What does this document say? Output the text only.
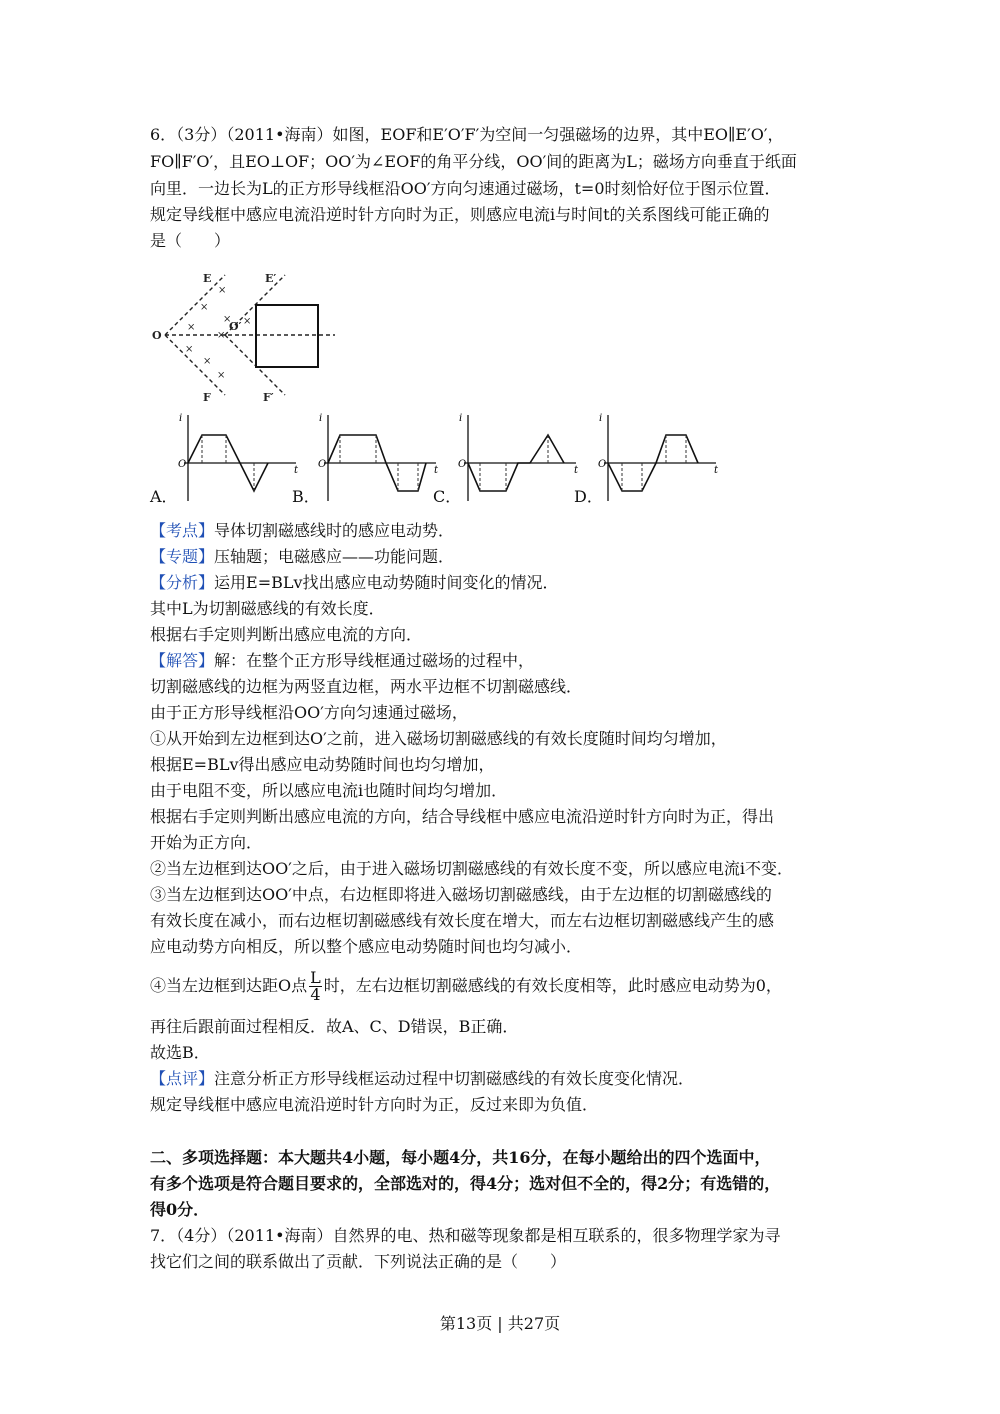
6．（3分）（2011•海南）如图，EOF和E′O′F′为空间一匀强磁场的边界，其中EO∥E′O′，
FO∥F′O′，且EO⊥OF；OO′为∠EOF的角平分线，OO′间的距离为L；磁场方向垂直于纸面
向里．一边长为L的正方形导线框沿OO′方向匀速通过磁场，t=0时刻恰好位于图示位置．
规定导线框中感应电流沿逆时针方向时为正，则感应电流i与时间t的关系图线可能正确的
是（　　）
E	E′
O
O′
F	F′
×
×
×
×
×
×
×
×
×
i
t
O
i
t
O
i
t
O
i
t
O
A．	B．	C．	D．
【考点】导体切割磁感线时的感应电动势．
【专题】压轴题；电磁感应——功能问题．
【分析】运用E=BLv找出感应电动势随时间变化的情况．
其中L为切割磁感线的有效长度．
根据右手定则判断出感应电流的方向．
【解答】解：在整个正方形导线框通过磁场的过程中，
切割磁感线的边框为两竖直边框，两水平边框不切割磁感线．
由于正方形导线框沿OO′方向匀速通过磁场，
①从开始到左边框到达O′之前，进入磁场切割磁感线的有效长度随时间均匀增加，
根据E=BLv得出感应电动势随时间也均匀增加，
由于电阻不变，所以感应电流i也随时间均匀增加．
根据右手定则判断出感应电流的方向，结合导线框中感应电流沿逆时针方向时为正，得出
开始为正方向．
②当左边框到达OO′之后，由于进入磁场切割磁感线的有效长度不变，所以感应电流i不变．
③当左边框到达OO′中点，右边框即将进入磁场切割磁感线，由于左边框的切割磁感线的
有效长度在减小，而右边框切割磁感线有效长度在增大，而左右边框切割磁感线产生的感
应电动势方向相反，所以整个感应电动势随时间也均匀减小．
④当左边框到达距O点 $\frac{L}{4}$ 时，左右边框切割磁感线的有效长度相等，此时感应电动势为0，
再往后跟前面过程相反．故A、C、D错误，B正确．
故选B．
【点评】注意分析正方形导线框运动过程中切割磁感线的有效长度变化情况．
规定导线框中感应电流沿逆时针方向时为正，反过来即为负值．
二、多项选择题：本大题共4小题，每小题4分，共16分，在每小题给出的四个选面中，
有多个选项是符合题目要求的，全部选对的，得4分；选对但不全的，得2分；有选错的，
得0分．
7．（4分）（2011•海南）自然界的电、热和磁等现象都是相互联系的，很多物理学家为寻
找它们之间的联系做出了贡献．下列说法正确的是（　　）
第13页 | 共27页
